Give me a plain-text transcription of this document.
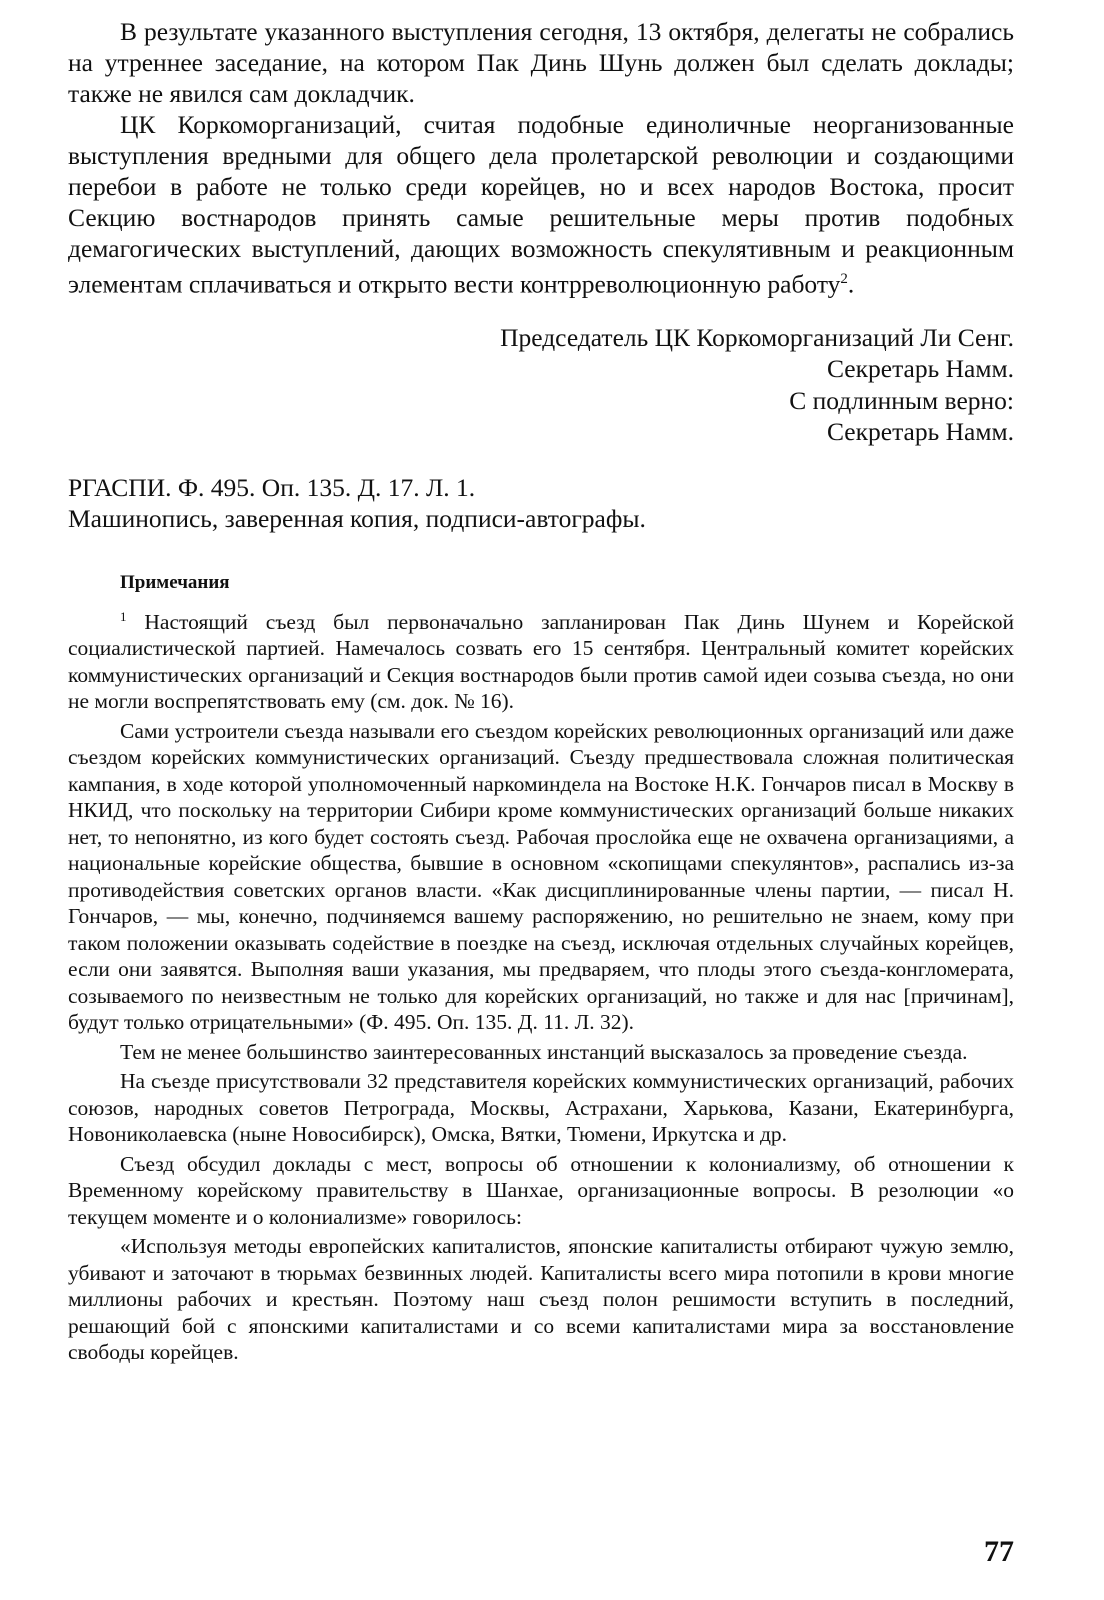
В результате указанного выступления сегодня, 13 октября, делегаты не собрались на утреннее заседание, на котором Пак Динь Шунь должен был сделать доклады; также не явился сам докладчик.

ЦК Коркоморганизаций, считая подобные единоличные неорганизованные выступления вредными для общего дела пролетарской революции и создающими перебои в работе не только среди корейцев, но и всех народов Востока, просит Секцию востнародов принять самые решительные меры против подобных демагогических выступлений, дающих возможность спекулятивным и реакционным элементам сплачиваться и открыто вести контрреволюционную работу$^2$.

Председатель ЦК Коркоморганизаций Ли Сенг.
Секретарь Намм.
С подлинным верно:
Секретарь Намм.
РГАСПИ. Ф. 495. Оп. 135. Д. 17. Л. 1.
Машинопись, заверенная копия, подписи-автографы.
Примечания

$^1$ Настоящий съезд был первоначально запланирован Пак Динь Шунем и Корейской социалистической партией. Намечалось созвать его 15 сентября. Центральный комитет корейских коммунистических организаций и Секция востнародов были против самой идеи созыва съезда, но они не могли воспрепятствовать ему (см. док. № 16).

Сами устроители съезда называли его съездом корейских революционных организаций или даже съездом корейских коммунистических организаций. Съезду предшествовала сложная политическая кампания, в ходе которой уполномоченный наркоминдела на Востоке Н.К. Гончаров писал в Москву в НКИД, что поскольку на территории Сибири кроме коммунистических организаций больше никаких нет, то непонятно, из кого будет состоять съезд. Рабочая прослойка еще не охвачена организациями, а национальные корейские общества, бывшие в основном «скопищами спекулянтов», распались из-за противодействия советских органов власти. «Как дисциплинированные члены партии, — писал Н. Гончаров, — мы, конечно, подчиняемся вашему распоряжению, но решительно не знаем, кому при таком положении оказывать содействие в поездке на съезд, исключая отдельных случайных корейцев, если они заявятся. Выполняя ваши указания, мы предваряем, что плоды этого съезда-конгломерата, созываемого по неизвестным не только для корейских организаций, но также и для нас [причинам], будут только отрицательными» (Ф. 495. Оп. 135. Д. 11. Л. 32).

Тем не менее большинство заинтересованных инстанций высказалось за проведение съезда.

На съезде присутствовали 32 представителя корейских коммунистических организаций, рабочих союзов, народных советов Петрограда, Москвы, Астрахани, Харькова, Казани, Екатеринбурга, Новониколаевска (ныне Новосибирск), Омска, Вятки, Тюмени, Иркутска и др.

Съезд обсудил доклады с мест, вопросы об отношении к колониализму, об отношении к Временному корейскому правительству в Шанхае, организационные вопросы. В резолюции «о текущем моменте и о колониализме» говорилось:

«Используя методы европейских капиталистов, японские капиталисты отбирают чужую землю, убивают и заточают в тюрьмах безвинных людей. Капиталисты всего мира потопили в крови многие миллионы рабочих и крестьян. Поэтому наш съезд полон решимости вступить в последний, решающий бой с японскими капиталистами и со всеми капиталистами мира за восстановление свободы корейцев.

77
